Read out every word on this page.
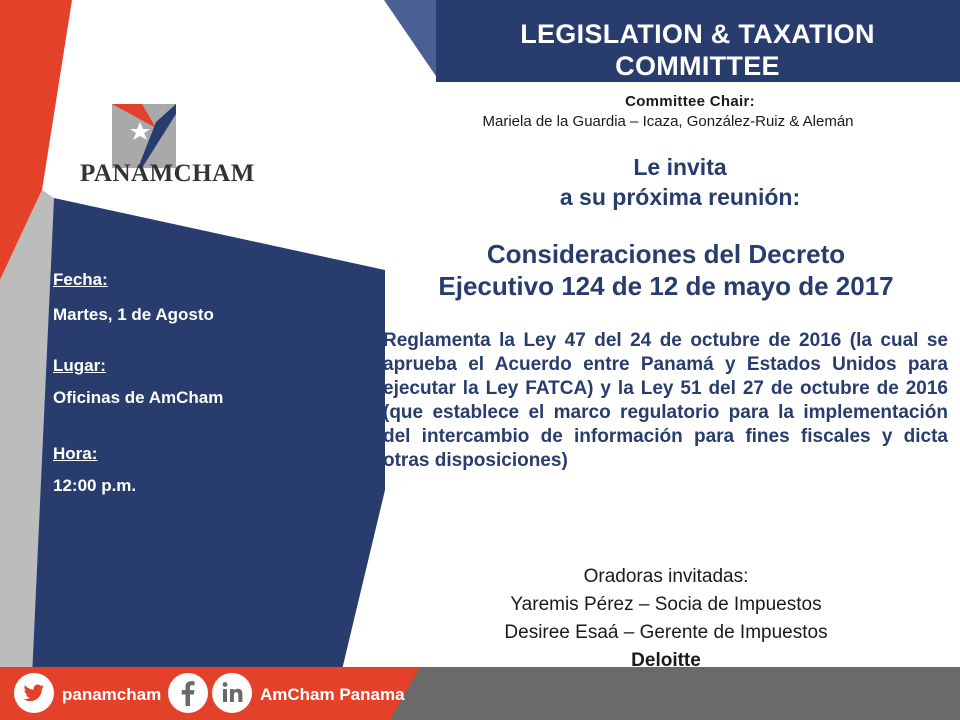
LEGISLATION & TAXATION
COMMITTEE
PANAMCHAM
Committee Chair:
Mariela de la Guardia – Icaza, González-Ruiz & Alemán
Le invita
a su próxima reunión:
Consideraciones del Decreto
Ejecutivo 124 de 12 de mayo de 2017
Reglamenta la Ley 47 del 24 de octubre de 2016 (la cual se aprueba el Acuerdo entre Panamá y Estados Unidos para ejecutar la Ley FATCA) y la Ley 51 del 27 de octubre de 2016 (que establece el marco regulatorio para la implementación del intercambio de información para fines fiscales y dicta otras disposiciones)
Fecha:
Martes, 1 de Agosto
Lugar:
Oficinas de AmCham
Hora:
12:00 p.m.
Oradoras invitadas:
Yaremis Pérez – Socia de Impuestos
Desiree Esaá – Gerente de Impuestos
Deloitte
panamcham	AmCham Panama
